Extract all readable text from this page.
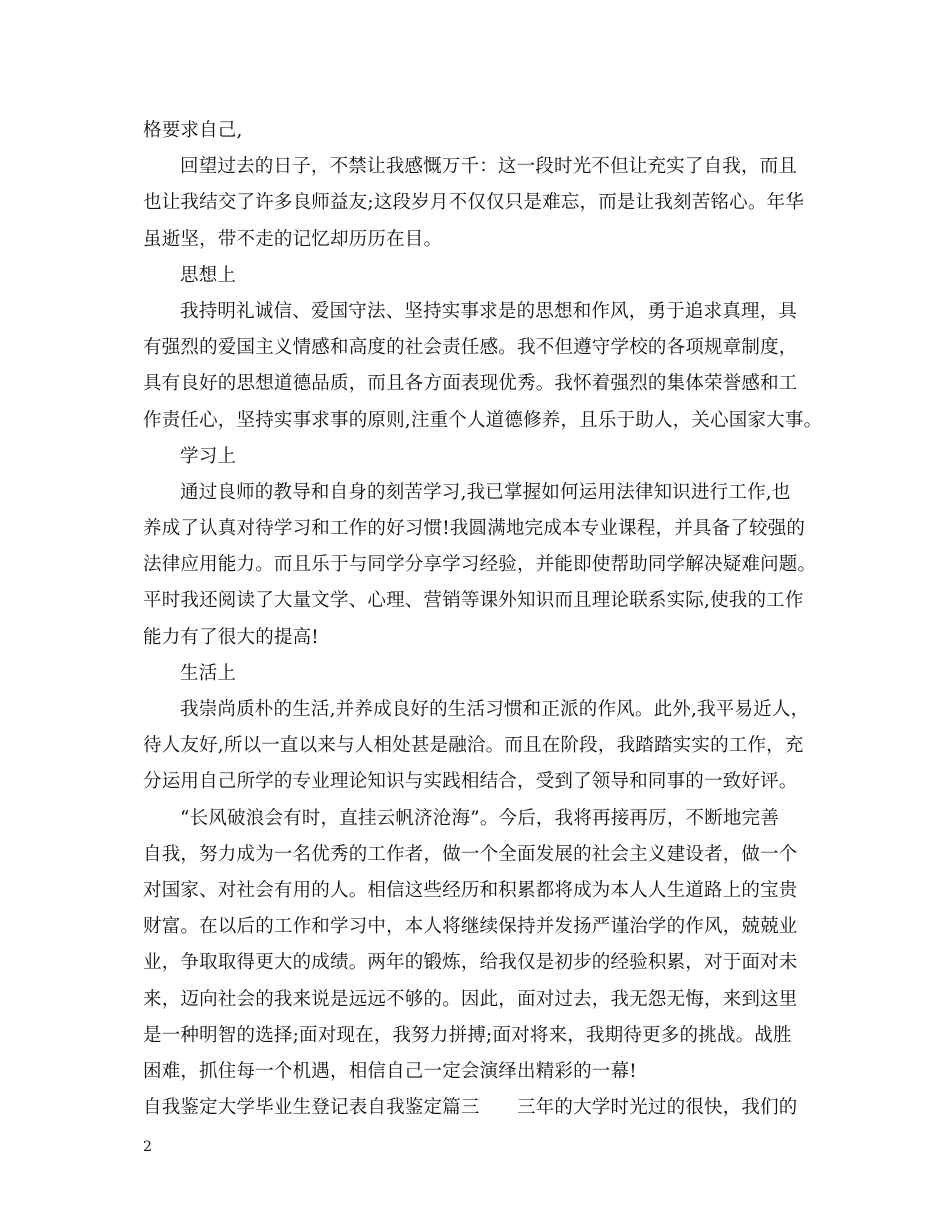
格要求自己,
回望过去的日子，不禁让我感慨万千：这一段时光不但让充实了自我，而且
也让我结交了许多良师益友;这段岁月不仅仅只是难忘，而是让我刻苦铭心。年华
虽逝坚，带不走的记忆却历历在目。
思想上
我持明礼诚信、爱国守法、坚持实事求是的思想和作风，勇于追求真理，具
有强烈的爱国主义情感和高度的社会责任感。我不但遵守学校的各项规章制度，
具有良好的思想道德品质，而且各方面表现优秀。我怀着强烈的集体荣誉感和工
作责任心，坚持实事求事的原则,注重个人道德修养，且乐于助人，关心国家大事。
学习上
通过良师的教导和自身的刻苦学习,我已掌握如何运用法律知识进行工作,也
养成了认真对待学习和工作的好习惯!我圆满地完成本专业课程，并具备了较强的
法律应用能力。而且乐于与同学分享学习经验，并能即使帮助同学解决疑难问题。
平时我还阅读了大量文学、心理、营销等课外知识而且理论联系实际,使我的工作
能力有了很大的提高!
生活上
我崇尚质朴的生活,并养成良好的生活习惯和正派的作风。此外,我平易近人，
待人友好,所以一直以来与人相处甚是融洽。而且在阶段，我踏踏实实的工作，充
分运用自己所学的专业理论知识与实践相结合，受到了领导和同事的一致好评。
“长风破浪会有时，直挂云帆济沧海”。今后，我将再接再厉，不断地完善
自我，努力成为一名优秀的工作者，做一个全面发展的社会主义建设者，做一个
对国家、对社会有用的人。相信这些经历和积累都将成为本人人生道路上的宝贵
财富。在以后的工作和学习中，本人将继续保持并发扬严谨治学的作风，兢兢业
业，争取取得更大的成绩。两年的锻炼，给我仅是初步的经验积累，对于面对未
来，迈向社会的我来说是远远不够的。因此，面对过去，我无怨无悔，来到这里
是一种明智的选择;面对现在，我努力拼搏;面对将来，我期待更多的挑战。战胜
困难，抓住每一个机遇，相信自己一定会演绎出精彩的一幕!
自我鉴定大学毕业生登记表自我鉴定篇三　　三年的大学时光过的很快，我们的
2
